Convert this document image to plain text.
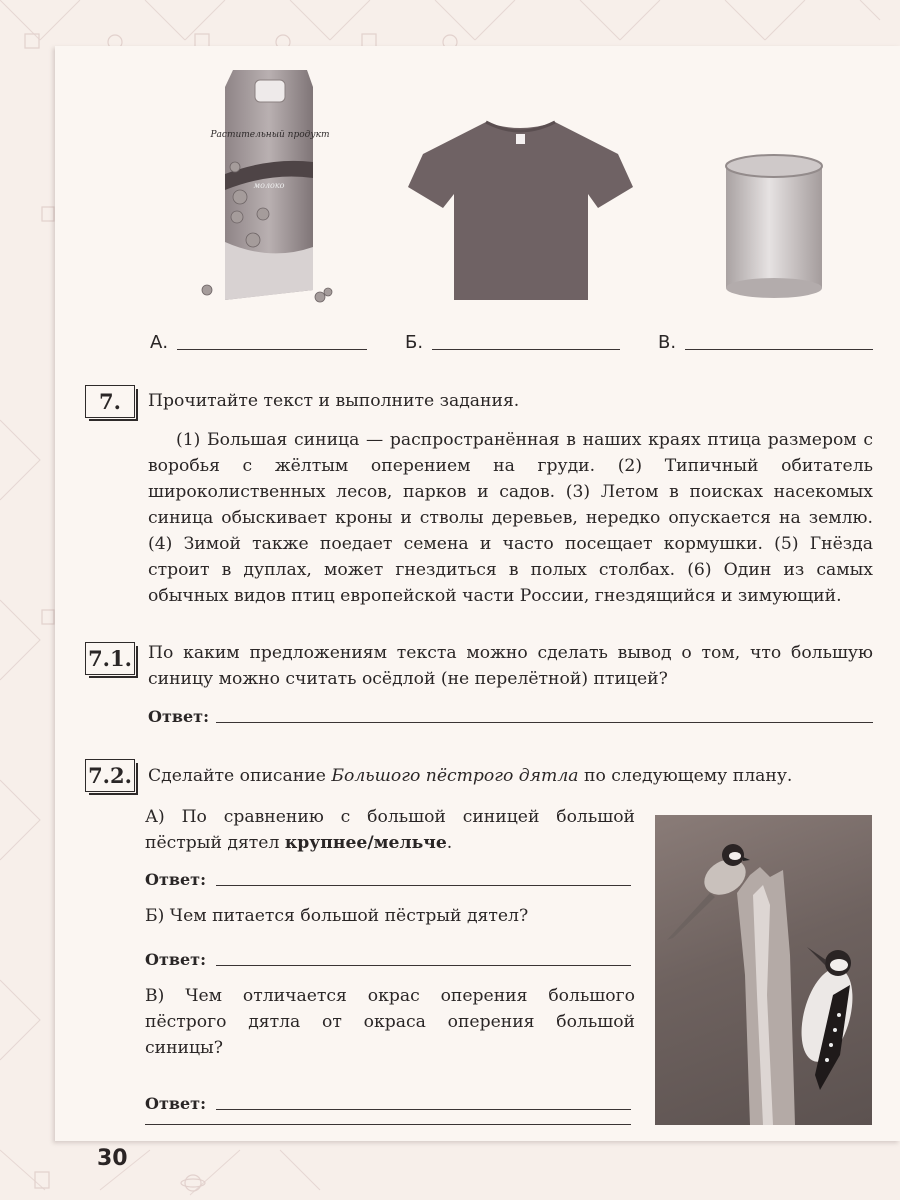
молоко
Растительный продукт
А.	Б.	В.
7.	Прочитайте текст и выполните задания.
(1) Большая синица — распространённая в наших краях птица размером с воробья с жёлтым оперением на груди. (2) Типичный обитатель широколиственных лесов, парков и садов. (3) Летом в поисках насекомых синица обыскивает кроны и стволы деревьев, нередко опускается на землю. (4) Зимой также поедает семена и часто посещает кормушки. (5) Гнёзда строит в дуплах, может гнездиться в полых столбах. (6) Один из самых обычных видов птиц европейской части России, гнездящийся и зимующий.
7.1. По каким предложениям текста можно сделать вывод о том, что большую синицу можно считать осёдлой (не перелётной) птицей?
Ответ:
7.2. Сделайте описание Большого пёстрого дятла по следующему плану.
А) По сравнению с большой синицей большой пёстрый дятел крупнее/мельче.
Ответ:
Б) Чем питается большой пёстрый дятел?
Ответ:
В) Чем отличается окрас оперения большого пёстрого дятла от окраса оперения большой синицы?
Ответ:
30
